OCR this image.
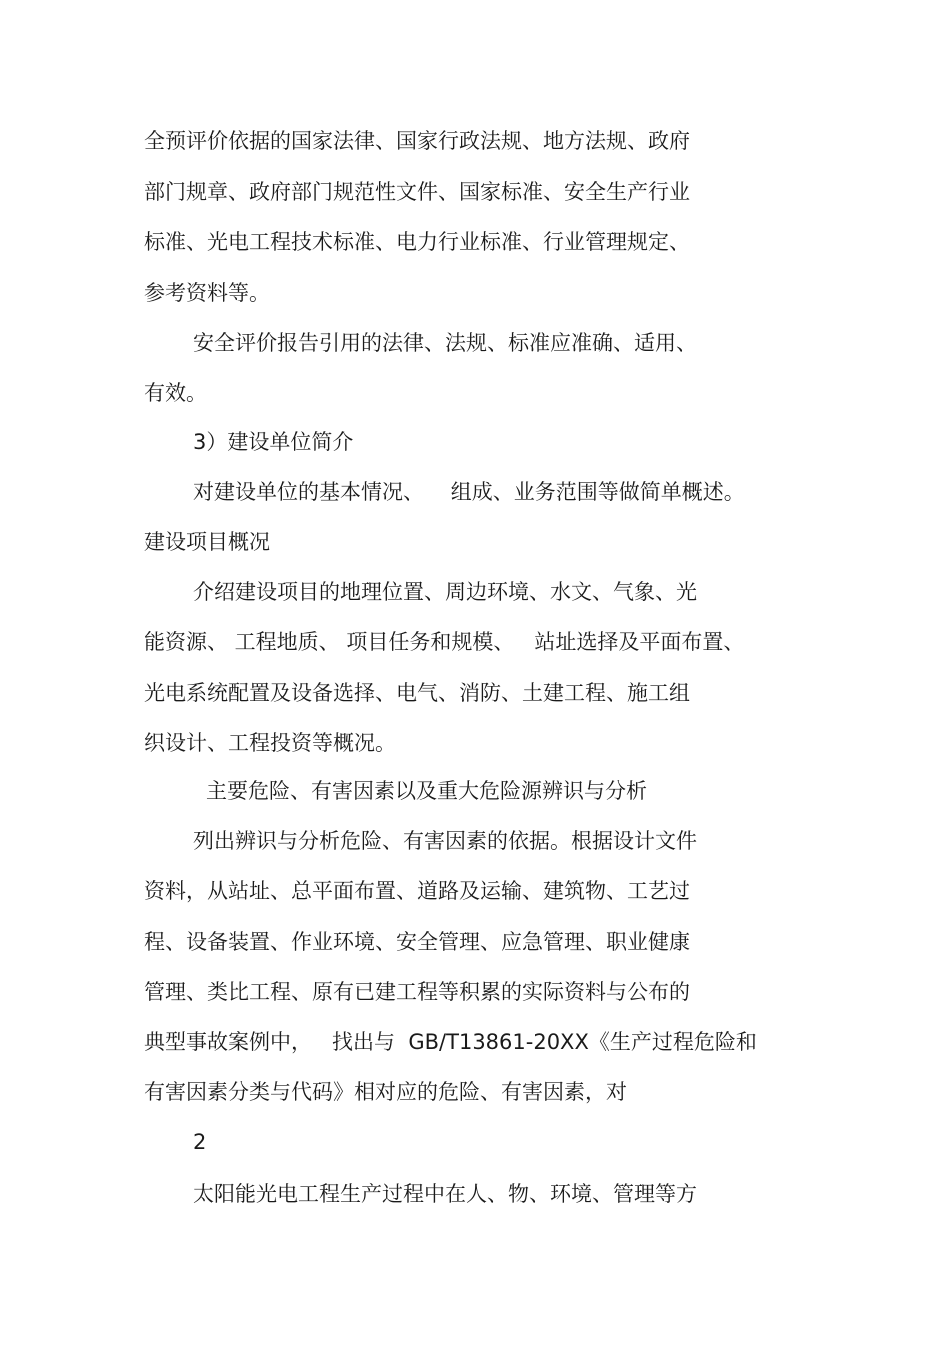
全预评价依据的国家法律、国家行政法规、地方法规、政府

部门规章、政府部门规范性文件、国家标准、安全生产行业

标准、光电工程技术标准、电力行业标准、行业管理规定、

参考资料等。

安全评价报告引用的法律、法规、标准应准确、适用、

有效。

3）建设单位简介

对建设单位的基本情况、    组成、业务范围等做简单概述。

建设项目概况

介绍建设项目的地理位置、周边环境、水文、气象、光

能资源、 工程地质、 项目任务和规模、   站址选择及平面布置、

光电系统配置及设备选择、电气、消防、土建工程、施工组

织设计、工程投资等概况。

主要危险、有害因素以及重大危险源辨识与分析

列出辨识与分析危险、有害因素的依据。根据设计文件

资料，从站址、总平面布置、道路及运输、建筑物、工艺过

程、设备装置、作业环境、安全管理、应急管理、职业健康

管理、类比工程、原有已建工程等积累的实际资料与公布的

典型事故案例中，   找出与  GB/T13861-20XX《生产过程危险和

有害因素分类与代码》相对应的危险、有害因素，对

2

太阳能光电工程生产过程中在人、物、环境、管理等方
